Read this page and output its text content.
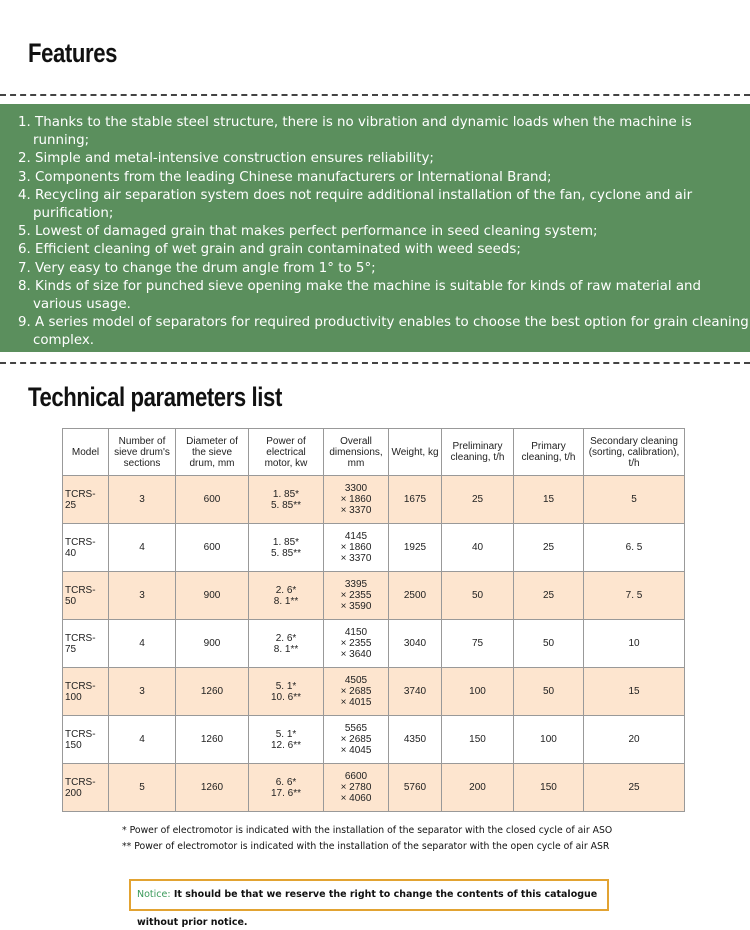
Features
1. Thanks to the stable steel structure, there is no vibration and dynamic loads when the machine is running;
2. Simple and metal-intensive construction ensures reliability;
3. Components from the leading Chinese manufacturers or International Brand;
4. Recycling air separation system does not require additional installation of the fan, cyclone and air purification;
5. Lowest of damaged grain that makes perfect performance in seed cleaning system;
6. Efficient cleaning of wet grain and grain contaminated with weed seeds;
7. Very easy to change the drum angle from 1° to 5°;
8. Kinds of size for punched sieve opening make the machine is suitable for kinds of raw material and various usage.
9. A series model of separators for required productivity enables to choose the best option for grain cleaning complex.
Technical parameters list
Model	Number of sieve drum's sections	Diameter of the sieve drum, mm	Power of electrical motor, kw	Overall dimensions, mm	Weight, kg	Preliminary cleaning, t/h	Primary cleaning, t/h	Secondary cleaning (sorting, calibration), t/h
TCRS-25	3	600	1. 85*
5. 85**	3300
× 1860
× 3370	1675	25	15	5
TCRS-40	4	600	1. 85*
5. 85**	4145
× 1860
× 3370	1925	40	25	6. 5
TCRS-50	3	900	2. 6*
8. 1**	3395
× 2355
× 3590	2500	50	25	7. 5
TCRS-75	4	900	2. 6*
8. 1**	4150
× 2355
× 3640	3040	75	50	10
TCRS-100	3	1260	5. 1*
10. 6**	4505
× 2685
× 4015	3740	100	50	15
TCRS-150	4	1260	5. 1*
12. 6**	5565
× 2685
× 4045	4350	150	100	20
TCRS-200	5	1260	6. 6*
17. 6**	6600
× 2780
× 4060	5760	200	150	25
* Power of electromotor is indicated with the installation of the separator with the closed cycle of air ASO
** Power of electromotor is indicated with the installation of the separator with the open cycle of air ASR
Notice: It should be that we reserve the right to change the contents of this catalogue without prior notice.
